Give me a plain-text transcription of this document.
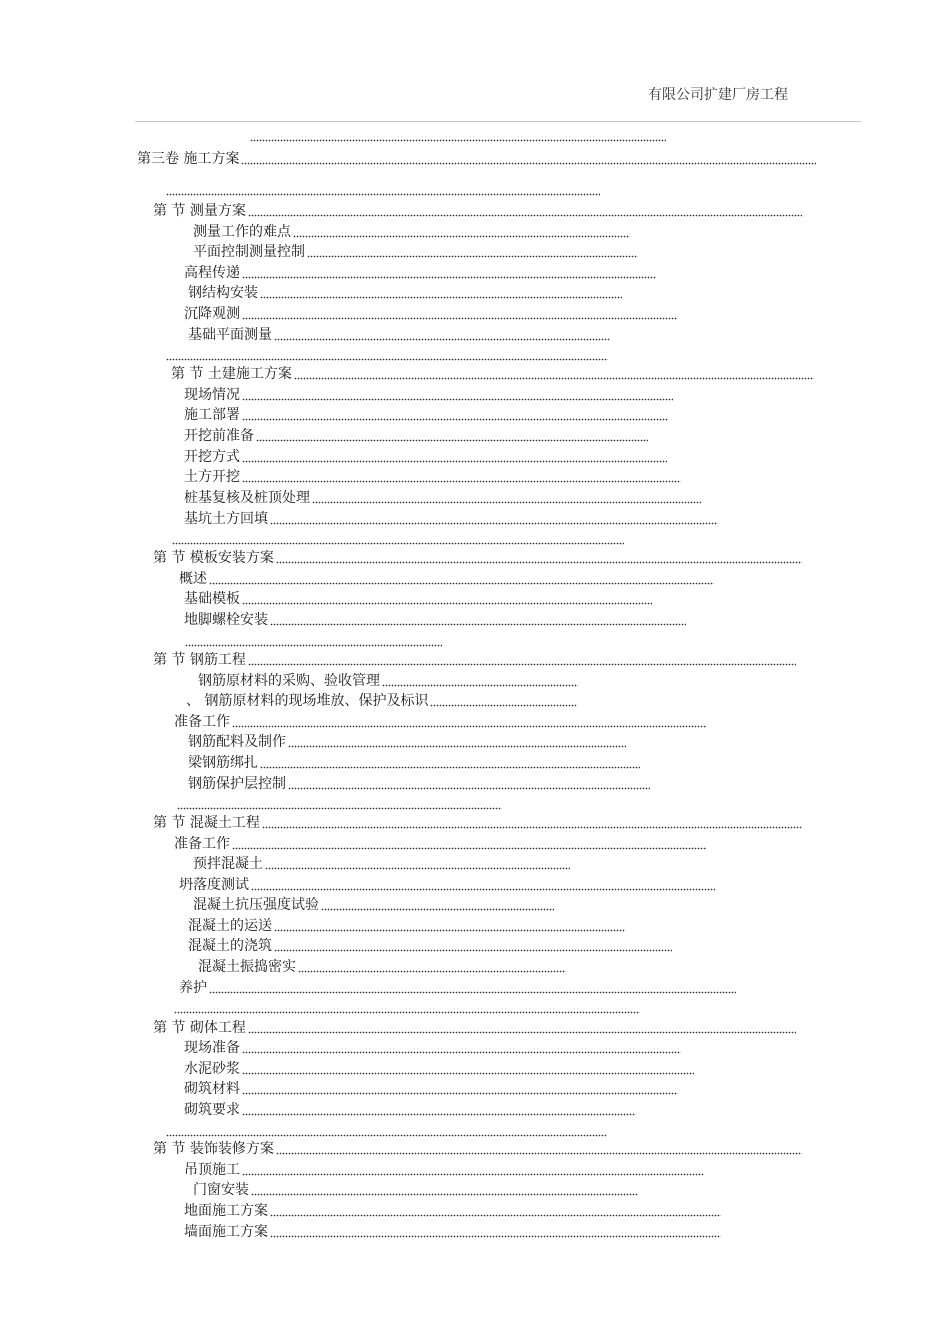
有限公司扩建厂房工程
第三卷 施工方案
第 节 测量方案
测量工作的难点
平面控制测量控制
高程传递
钢结构安装
沉降观测
基础平面测量
第 节 土建施工方案
现场情况
施工部署
开挖前准备
开挖方式
土方开挖
桩基复核及桩顶处理
基坑土方回填
第 节 模板安装方案
概述
基础模板
地脚螺栓安装
第 节 钢筋工程
钢筋原材料的采购、验收管理
、 钢筋原材料的现场堆放、保护及标识
准备工作
钢筋配料及制作
梁钢筋绑扎
钢筋保护层控制
第 节 混凝土工程
准备工作
预拌混凝土
坍落度测试
混凝土抗压强度试验
混凝土的运送
混凝土的浇筑
混凝土振捣密实
养护
第 节 砌体工程
现场准备
水泥砂浆
砌筑材料
砌筑要求
第 节 装饰装修方案
吊顶施工
门窗安装
地面施工方案
墙面施工方案
